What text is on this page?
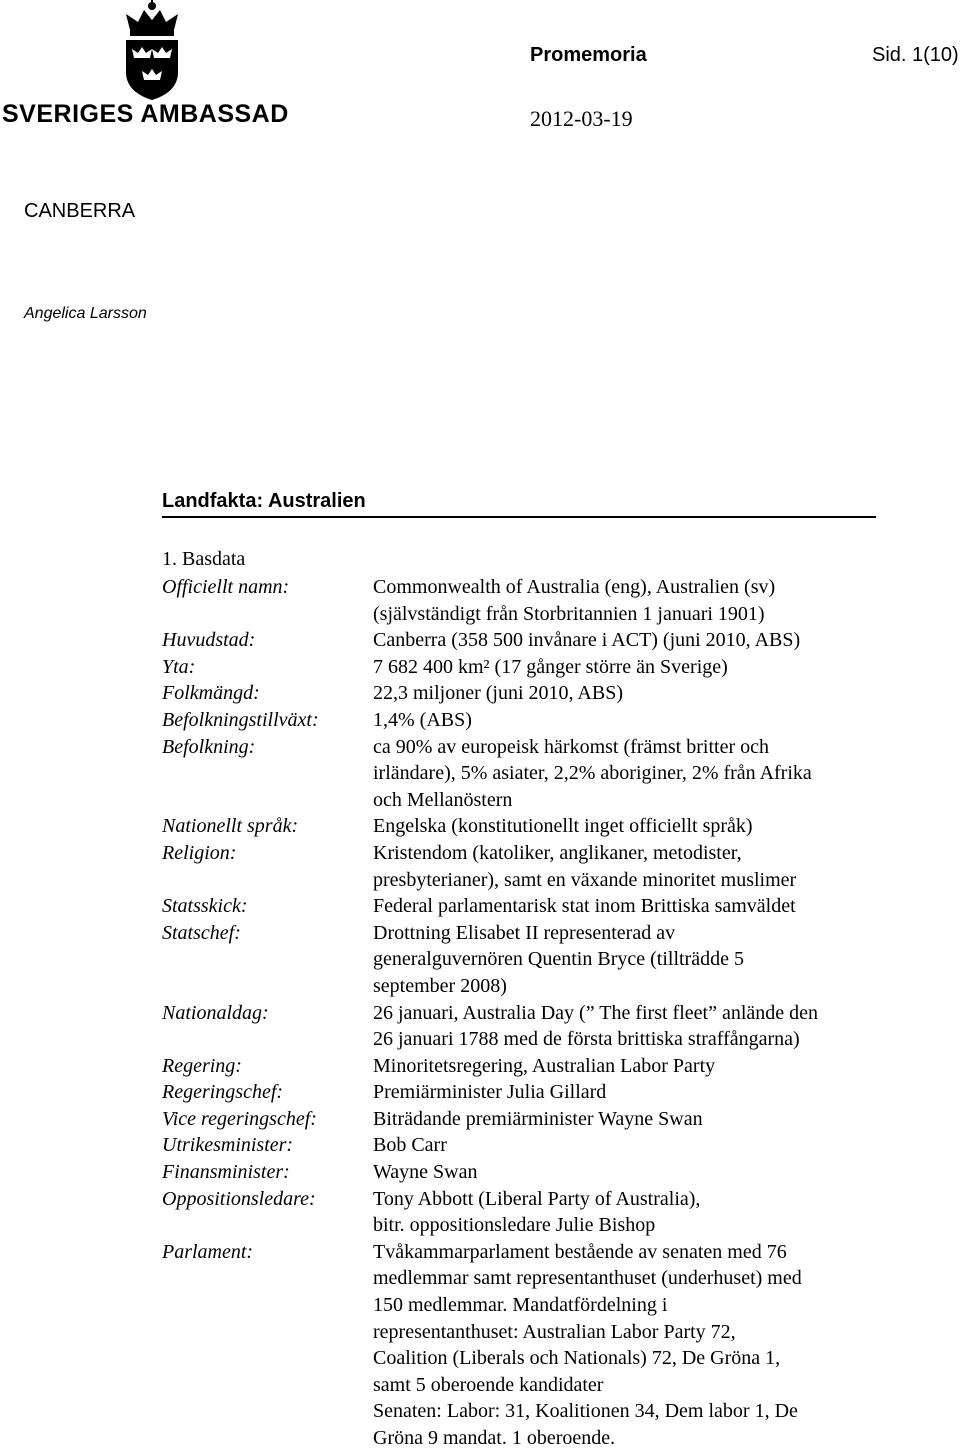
SVERIGES AMBASSAD
Promemoria	Sid. 1(10)
2012-03-19
CANBERRA
Angelica Larsson
Landfakta: Australien
1. Basdata
Officiellt namn:	Commonwealth of Australia (eng), Australien (sv)
(självständigt från Storbritannien 1 januari 1901)
Huvudstad:	Canberra (358 500 invånare i ACT) (juni 2010, ABS)
Yta:	7 682 400 km² (17 gånger större än Sverige)
Folkmängd:	22,3 miljoner (juni 2010, ABS)
Befolkningstillväxt:	1,4% (ABS)
Befolkning:	ca 90% av europeisk härkomst (främst britter och
irländare), 5% asiater, 2,2% aboriginer, 2% från Afrika
och Mellanöstern
Nationellt språk:	Engelska (konstitutionellt inget officiellt språk)
Religion:	Kristendom (katoliker, anglikaner, metodister,
presbyterianer), samt en växande minoritet muslimer
Statsskick:	Federal parlamentarisk stat inom Brittiska samväldet
Statschef:	Drottning Elisabet II representerad av
generalguvernören Quentin Bryce (tillträdde 5
september 2008)
Nationaldag:	26 januari, Australia Day (” The first fleet” anlände den
26 januari 1788 med de första brittiska straffångarna)
Regering:	Minoritetsregering, Australian Labor Party
Regeringschef:	Premiärminister Julia Gillard
Vice regeringschef:	Biträdande premiärminister Wayne Swan
Utrikesminister:	Bob Carr
Finansminister:	Wayne Swan
Oppositionsledare:	Tony Abbott (Liberal Party of Australia),
bitr. oppositionsledare Julie Bishop
Parlament:	Tvåkammarparlament bestående av senaten med 76
medlemmar samt representanthuset (underhuset) med
150 medlemmar. Mandatfördelning i
representanthuset: Australian Labor Party 72,
Coalition (Liberals och Nationals) 72, De Gröna 1,
samt 5 oberoende kandidater
Senaten: Labor: 31, Koalitionen 34, Dem labor 1, De
Gröna 9 mandat. 1 oberoende.
